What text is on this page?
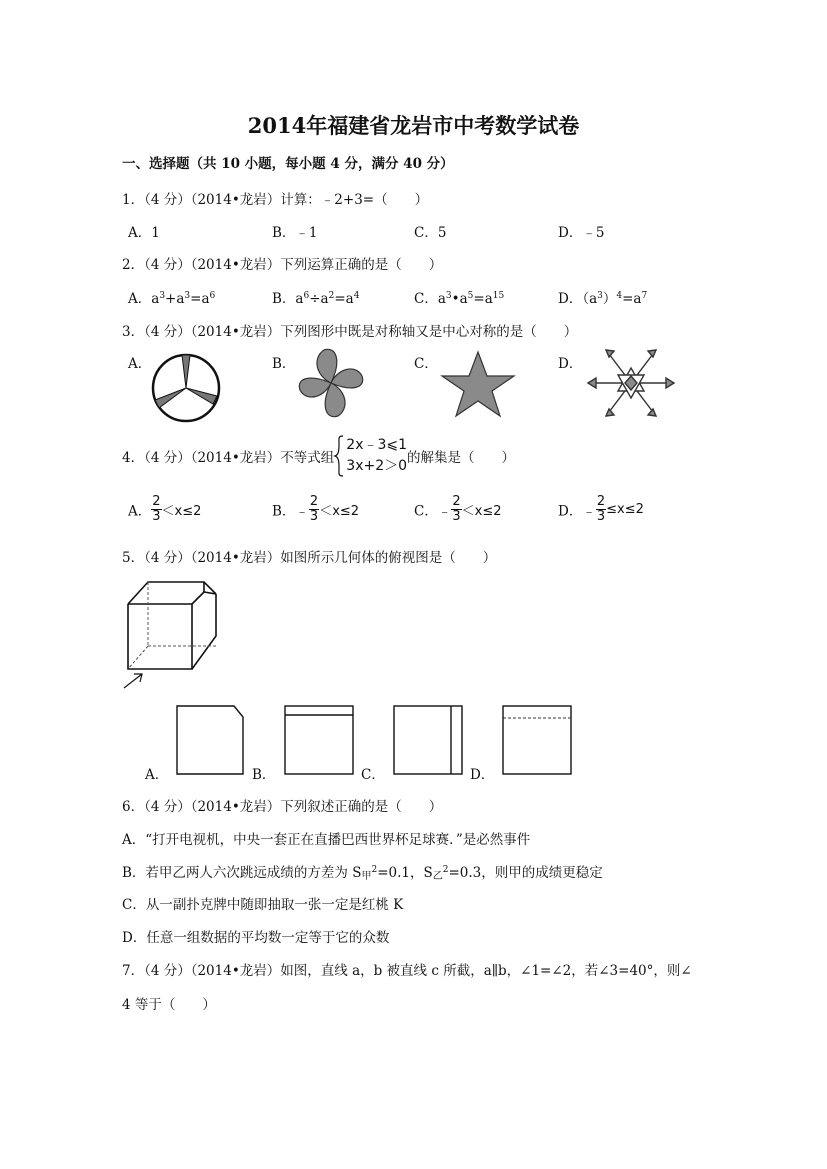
2014年福建省龙岩市中考数学试卷
一、选择题（共 10 小题，每小题 4 分，满分 40 分）
1．（4 分）（2014•龙岩）计算：﹣2+3=（　　）
A．1	B．﹣1	C．5	D．﹣5
2．（4 分）（2014•龙岩）下列运算正确的是（　　）
A．$a^3+a^3=a^6$	B．$a^6\div a^2=a^4$	C．$a^3•a^5=a^{15}$	D．$(a^3)^4=a^7$
3．（4 分）（2014•龙岩）下列图形中既是对称轴又是中心对称的是（　　）
A．	B．	C．	D．
4．（4 分）（2014•龙岩）不等式组
2x﹣3⩽1
3x+2＞0 的解集是（　　）
A． $\frac{2}{3} <x\le 2$	B．﹣ $\frac{2}{3} <x\le 2$	C．﹣ $\frac{2}{3} <x\le 2$	D．﹣ $\frac{2}{3} \le x\le 2$
5．（4 分）（2014•龙岩）如图所示几何体的俯视图是（　　）
A．	B．	C．	D．
6．（4 分）（2014•龙岩）下列叙述正确的是（　　）
A．“打开电视机，中央一套正在直播巴西世界杯足球赛．”是必然事件
B．若甲乙两人六次跳远成绩的方差为 $S_甲^2=0.1$，$S_乙^2=0.3$，则甲的成绩更稳定
C．从一副扑克牌中随即抽取一张一定是红桃 K
D．任意一组数据的平均数一定等于它的众数
7．（4 分）（2014•龙岩）如图，直线 a，b 被直线 c 所截，a∥b，∠1=∠2，若∠3=40°，则∠
4 等于（　　）
